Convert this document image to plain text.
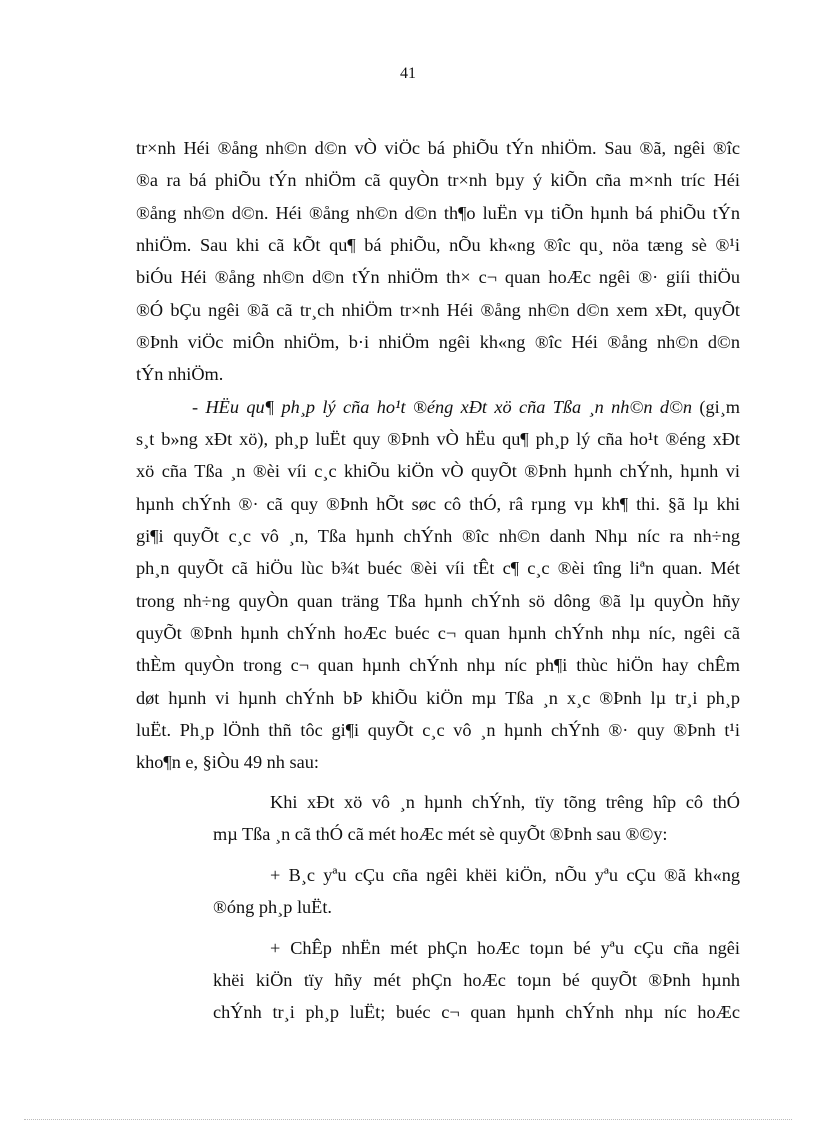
41
tr×nh Héi ®ång nh©n d©n vÒ viÖc bá phiÕu tÝn nhiÖm. Sau ®ã, ngêi ®îc
®a ra bá phiÕu tÝn nhiÖm cã quyÒn tr×nh bµy ý kiÕn cña m×nh tríc Héi
®ång nh©n d©n. Héi ®ång nh©n d©n th¶o luËn vµ tiÕn hµnh bá phiÕu tÝn
nhiÖm. Sau khi cã kÕt qu¶ bá phiÕu, nÕu kh«ng ®îc qu¸ nöa tæng sè ®¹i
biÓu Héi ®ång nh©n d©n tÝn nhiÖm th× c¬ quan hoÆc ngêi ®· giíi thiÖu
®Ó bÇu ngêi ®ã cã tr¸ch nhiÖm tr×nh Héi ®ång nh©n d©n xem xÐt, quyÕt
®Þnh viÖc miÔn nhiÖm, b·i nhiÖm ngêi kh«ng ®îc Héi ®ång nh©n d©n
tÝn nhiÖm.
- HËu qu¶ ph¸p lý cña ho¹t ®éng xÐt xö cña Tßa ¸n nh©n d©n (gi¸m
s¸t b»ng xÐt xö), ph¸p luËt quy ®Þnh vÒ hËu qu¶ ph¸p lý cña ho¹t ®éng xÐt
xö cña Tßa ¸n ®èi víi c¸c khiÕu kiÖn vÒ quyÕt ®Þnh hµnh chÝnh, hµnh vi
hµnh chÝnh ®· cã quy ®Þnh hÕt søc cô thÓ, râ rµng vµ kh¶ thi. §ã lµ khi
gi¶i quyÕt c¸c vô ¸n, Tßa hµnh chÝnh ®îc nh©n danh Nhµ níc ra nh÷ng
ph¸n quyÕt cã hiÖu lùc b¾t buéc ®èi víi tÊt c¶ c¸c ®èi tîng liªn quan. Mét
trong nh÷ng quyÒn quan träng Tßa hµnh chÝnh sö dông ®ã lµ quyÒn hñy
quyÕt ®Þnh hµnh chÝnh hoÆc buéc c¬ quan hµnh chÝnh nhµ níc, ngêi cã
thÈm quyÒn trong c¬ quan hµnh chÝnh nhµ níc ph¶i thùc hiÖn hay chÊm
døt hµnh vi hµnh chÝnh bÞ khiÕu kiÖn mµ Tßa ¸n x¸c ®Þnh lµ tr¸i ph¸p
luËt. Ph¸p lÖnh thñ tôc gi¶i quyÕt c¸c vô ¸n hµnh chÝnh ®· quy ®Þnh t¹i
kho¶n e, §iÒu 49 nh sau:
Khi xÐt xö vô ¸n hµnh chÝnh, tïy tõng trêng hîp cô thÓ
mµ Tßa ¸n cã thÓ cã mét hoÆc mét sè quyÕt ®Þnh sau ®©y:
+ B¸c yªu cÇu cña ngêi khëi kiÖn, nÕu yªu cÇu ®ã kh«ng
®óng ph¸p luËt.
+ ChÊp nhËn mét phÇn hoÆc toµn bé yªu cÇu cña ngêi
khëi kiÖn tïy hñy mét phÇn hoÆc toµn bé quyÕt ®Þnh hµnh
chÝnh tr¸i ph¸p luËt; buéc c¬ quan hµnh chÝnh nhµ níc hoÆc
